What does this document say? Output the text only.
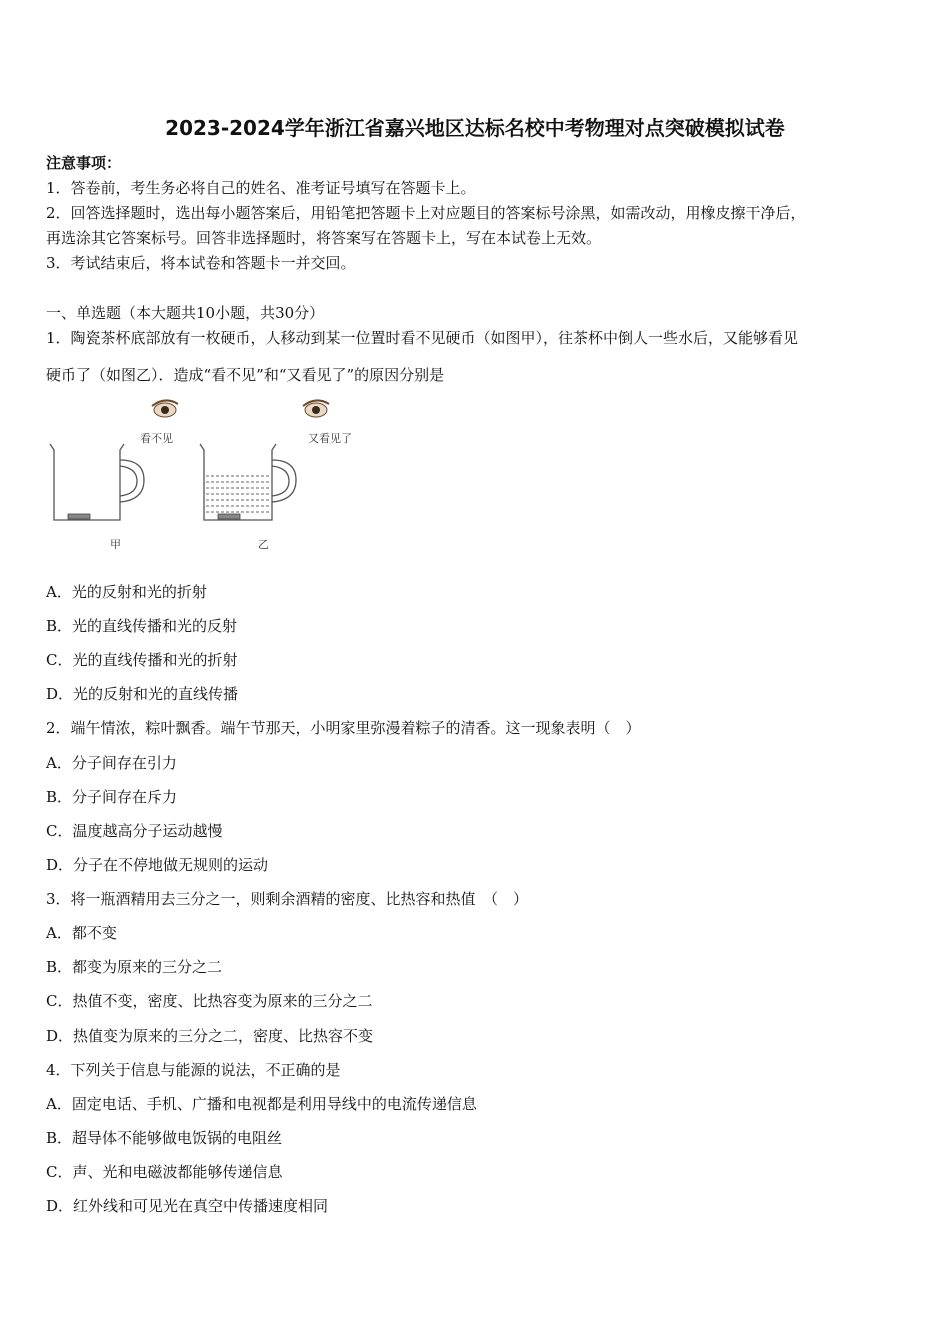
2023-2024学年浙江省嘉兴地区达标名校中考物理对点突破模拟试卷
注意事项：
1．答卷前，考生务必将自己的姓名、准考证号填写在答题卡上。
2．回答选择题时，选出每小题答案后，用铅笔把答题卡上对应题目的答案标号涂黑，如需改动，用橡皮擦干净后，
再选涂其它答案标号。回答非选择题时，将答案写在答题卡上，写在本试卷上无效。
3．考试结束后，将本试卷和答题卡一并交回。
一、单选题（本大题共10小题，共30分）
1．陶瓷茶杯底部放有一枚硬币，人移动到某一位置时看不见硬币（如图甲），往茶杯中倒人一些水后，又能够看见
硬币了（如图乙）．造成“看不见”和“又看见了”的原因分别是
看不见
甲
又看见了
乙
A．光的反射和光的折射
B．光的直线传播和光的反射
C．光的直线传播和光的折射
D．光的反射和光的直线传播
2．端午情浓，粽叶飘香。端午节那天，小明家里弥漫着粽子的清香。这一现象表明（　）
A．分子间存在引力
B．分子间存在斥力
C．温度越高分子运动越慢
D．分子在不停地做无规则的运动
3．将一瓶酒精用去三分之一，则剩余酒精的密度、比热容和热值　（　）
A．都不变
B．都变为原来的三分之二
C．热值不变，密度、比热容变为原来的三分之二
D．热值变为原来的三分之二，密度、比热容不变
4．下列关于信息与能源的说法，不正确的是
A．固定电话、手机、广播和电视都是利用导线中的电流传递信息
B．超导体不能够做电饭锅的电阻丝
C．声、光和电磁波都能够传递信息
D．红外线和可见光在真空中传播速度相同
